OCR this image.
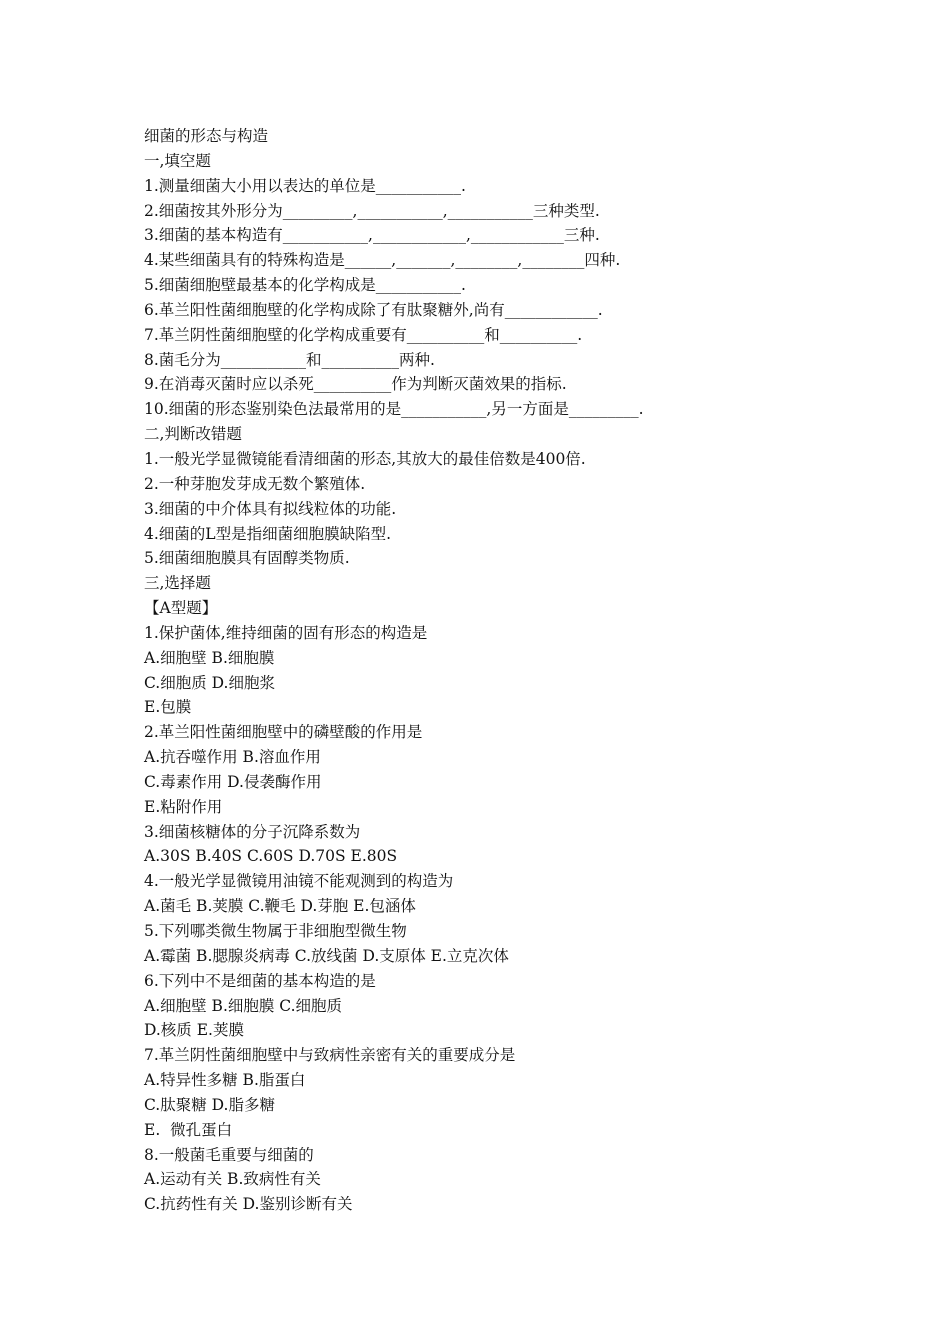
细菌的形态与构造
一,填空题
1.测量细菌大小用以表达的单位是___________.
2.细菌按其外形分为_________,___________,___________三种类型.
3.细菌的基本构造有___________,____________,____________三种.
4.某些细菌具有的特殊构造是______,_______,________,________四种.
5.细菌细胞壁最基本的化学构成是___________.
6.革兰阳性菌细胞壁的化学构成除了有肽聚糖外,尚有____________.
7.革兰阴性菌细胞壁的化学构成重要有__________和__________.
8.菌毛分为___________和__________两种.
9.在消毒灭菌时应以杀死__________作为判断灭菌效果的指标.
10.细菌的形态鉴别染色法最常用的是___________,另一方面是_________.
二,判断改错题
1.一般光学显微镜能看清细菌的形态,其放大的最佳倍数是400倍.
2.一种芽胞发芽成无数个繁殖体.
3.细菌的中介体具有拟线粒体的功能.
4.细菌的L型是指细菌细胞膜缺陷型.
5.细菌细胞膜具有固醇类物质.
三,选择题
【A型题】
1.保护菌体,维持细菌的固有形态的构造是
A.细胞壁 B.细胞膜
C.细胞质 D.细胞浆
E.包膜
2.革兰阳性菌细胞壁中的磷壁酸的作用是
A.抗吞噬作用 B.溶血作用
C.毒素作用 D.侵袭酶作用
E.粘附作用
3.细菌核糖体的分子沉降系数为
A.30S B.40S C.60S D.70S E.80S
4.一般光学显微镜用油镜不能观测到的构造为
A.菌毛 B.荚膜 C.鞭毛 D.芽胞 E.包涵体
5.下列哪类微生物属于非细胞型微生物
A.霉菌 B.腮腺炎病毒 C.放线菌 D.支原体 E.立克次体
6.下列中不是细菌的基本构造的是
A.细胞壁 B.细胞膜 C.细胞质
D.核质 E.荚膜
7.革兰阴性菌细胞壁中与致病性亲密有关的重要成分是
A.特异性多糖 B.脂蛋白
C.肽聚糖 D.脂多糖
E.  微孔蛋白
8.一般菌毛重要与细菌的
A.运动有关 B.致病性有关
C.抗药性有关 D.鉴别诊断有关
